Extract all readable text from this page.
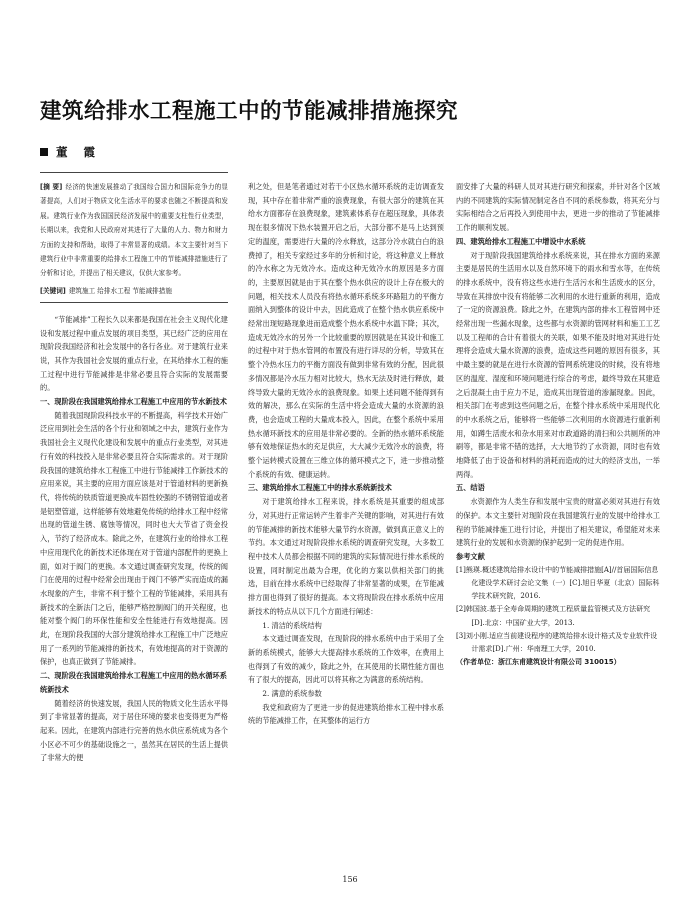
建筑给排水工程施工中的节能减排措施探究
董 霞

[摘 要] 经济的快速发展推动了我国综合国力和国际竞争力的显著提高，人们对于物质文化生活水平的要求也随之不断提高和发展。建筑行业作为我国国民经济发展中的重要支柱性行业类型，长期以来，我党和人民政府对其进行了大量的人力、物力和财力方面的支持和帮助，取得了丰常显著的成绩。本文主要针对当下建筑行业中非常重要的给排水工程施工中的节能减排措施进行了分析和讨论，并提出了相关建议，仅供大家参考。

[关键词] 建筑施工 给排水工程 节能减排措施

“节能减排”工程长久以来都是我国在社会主义现代化建设和发展过程中重点发展的项目类型，其已经广泛的应用在现阶段我国经济和社会发展中的各行各业。对于建筑行业来说，其作为我国社会发展的重点行业，在其给排水工程的施工过程中进行节能减排是非常必要且符合实际的发展需要的。

一、现阶段在我国建筑给排水工程施工中应用的节水新技术

随着我国现阶段科技水平的不断提高，科学技术开始广泛应用到社会生活的各个行业和领域之中去，建筑行业作为我国社会主义现代化建设和发展中的重点行业类型，对其进行有效的科技投入是非常必要且符合实际需求的。对于现阶段我国的建筑给排水工程施工中进行节能减排工作新技术的应用来说，其主要的应用方面应该是对于管道材料的更新换代，将传统的铁质管道更换成车固性较强的不锈钢管道或者是铝塑管道，这样能够有效地避免传统的给排水工程中经常出现的管道生锈、腐蚀等情况，同时也大大节省了资金投入，节约了经济成本。除此之外，在建筑行业的给排水工程中应用现代化的新技术还体现在对于管道内部配件的更换上面，如对于阀门的更换。本文通过调查研究发现，传统的阀门在使用的过程中经常会出现由于阀门不够严实而造成的漏水现象的产生，非常不利于整个工程的节能减排，采用具有新技术的全新法门之后，能够严格控制阀门的开关程度，也能对整个阀门的环保性能和安全性能进行有效地提高。因此，在现阶段我国的大部分建筑给排水工程施工中广泛地应用了一系列的节能减排的新技术，有效地提高的对于资源的保护，也真正做到了节能减排。

二、现阶段在我国建筑给排水工程施工中应用的热水循环系统新技术

随着经济的快速发展，我国人民的物质文化生活水平得到了非常显著的提高，对于居住环境的要求也变得更为严格起来。因此，在建筑内部进行完善的热水供应系统成为各个小区必不可少的基础设施之一，虽然其在居民的生活上提供了非常大的便

利之处，但是笔者通过对若干小区热水循环系统的走访调查发现，其中存在着非常严重的浪费现象，有很大部分的建筑在其给水方面都存在浪费现象，建筑素体系存在超压现象，具体表现在很多情况下热水装置开启之后，大部分都不是马上达到预定的温度，需要进行大量的冷水释放，这部分冷水就白白的浪费掉了，相关专家经过多年的分析和讨论，将这种意义上释放的冷水称之为无效冷水。造成这种无效冷水的原因是多方面的，主要原因就是由于其在整个热水供应的设计上存在极大的问题，相关技术人员没有将热水循环系统多环路阻力的平衡方面纳入到整体的设计中去，因此造成了在整个热水供应系统中经常出现短路现象进而造成整个热水系统中水温下降；其次，造成无效冷水的另外一个比较重要的原因就是在其设计和施工的过程中对于热水管网的布置没有进行详尽的分析，导致其在整个冷热水压力的平衡方面没有做到非常有效的分配，因此很多情况都是冷水压力相对比较大，热水无法及时进行释放，最终导致大量的无效冷水的浪费现象。如果上述问题不能得到有效的解决，那么在实际的生活中将会造成大量的水资源的浪费，也会造成工程的大量成本投入，因此，在整个系统中采用热水循环新技术的应用是非常必要的。全新的热水循环系统能够有效地保证热水的充足供应，大大减少无效冷水的浪费，将整个运转模式设置在三维立体的循环模式之下，进一步推动整个系统的有效、健康运转。

三、建筑给排水工程施工中的排水系统新技术

对于建筑给排水工程来说，排水系统是其重要的组成部分，对其进行正常运转产生着非产关键的影响，对其进行有效的节能减排的新技术能够大量节约水资源，做到真正意义上的节约。本文通过对现阶段排水系统的调查研究发现，大多数工程中技术人员都会根据不同的建筑的实际情况进行排水系统的设置，同时制定出最为合理，优化的方案以供相关部门的挑选，目前在排水系统中已经取得了非常显著的成果，在节能减排方面也得到了很好的提高。本文将现阶段在排水系统中应用新技术的特点从以下几个方面进行阐述：

1. 清洁的系统结构

本文通过调查发现，在现阶段的排水系统中由于采用了全新的系统模式，能够大大提高排水系统的工作效率，在费用上也得到了有效的减少，除此之外，在其使用的长期性能方面也有了很大的提高，因此可以将其称之为满意的系统结构。

2. 满意的系统参数

我党和政府为了更进一步的促进建筑给排水工程中排水系统的节能减排工作，在其整体的运行方

面安排了大量的科研人员对其进行研究和探索，并针对各个区域内的不同建筑的实际情况制定各自不同的系统参数，将其充分与实际相结合之后再投入到使用中去，更进一步的推动了节能减排工作的顺利发展。

四、建筑给排水工程施工中增设中水系统

对于现阶段我国建筑给排水系统来说，其在排水方面的来源主要是居民的生活用水以及自然环境下的雨水和雪水等，在传统的排水系统中，没有将这些水进行生活污水和生活废水的区分，导致在其排放中没有将能够二次利用的水进行重新的利用，造成了一定的资源浪费。除此之外，在建筑内部的排水工程管网中还经常出现一些漏水现象，这些都与水资源的管网材料和施工工艺以及工程师的合计有着很大的关联，如果不能及时地对其进行处理将会造成大量水资源的浪费，造成这些问题的原因有很多，其中最主要的就是在进行水资源的管网系统建设的时候，没有将地区的温度、湿度和环境问题进行综合的考虑，最终导致在其建造之后混凝土由于应力不足，造成其出现管道的渗漏现象。因此，相关部门在考虑到这些问题之后，在整个排水系统中采用现代化的中水系统之后，能够将一些能够二次利用的水资源进行重新利用，如蹲生活废水和杂水用来对市政道路的清扫和公共厕所的冲刷等，都是非常不错的选择，大大地节约了水资源，同时也有效地降低了由于设备和材料的消耗而造成的过大的经济支出，一举两得。

五、结语

水资源作为人类生存和发展中宝贵的财富必须对其进行有效的保护。本文主要针对现阶段在我国建筑行业的发展中给排水工程的节能减排施工进行讨论，并提出了相关建议，希望能对未来建筑行业的发展和水资源的保护起到一定的促进作用。

参考文献

[1]熊瑛.概述建筑给排水设计中的节能减排措施[A]//首届国际信息化建设学术研讨会论文集（一）[C].旭日华夏（北京）国际科学技术研究院，2016.

[2]韩国波.基于全寿命周期的建筑工程质量监管模式及方法研究[D].北京：中国矿业大学，2013.

[3]刘小刚.适应当前建设程序的建筑给排水设计格式及专业软件设计需求[D].广州：华南理工大学，2010.

（作者单位：浙江东甫建筑设计有限公司 310015）

156
